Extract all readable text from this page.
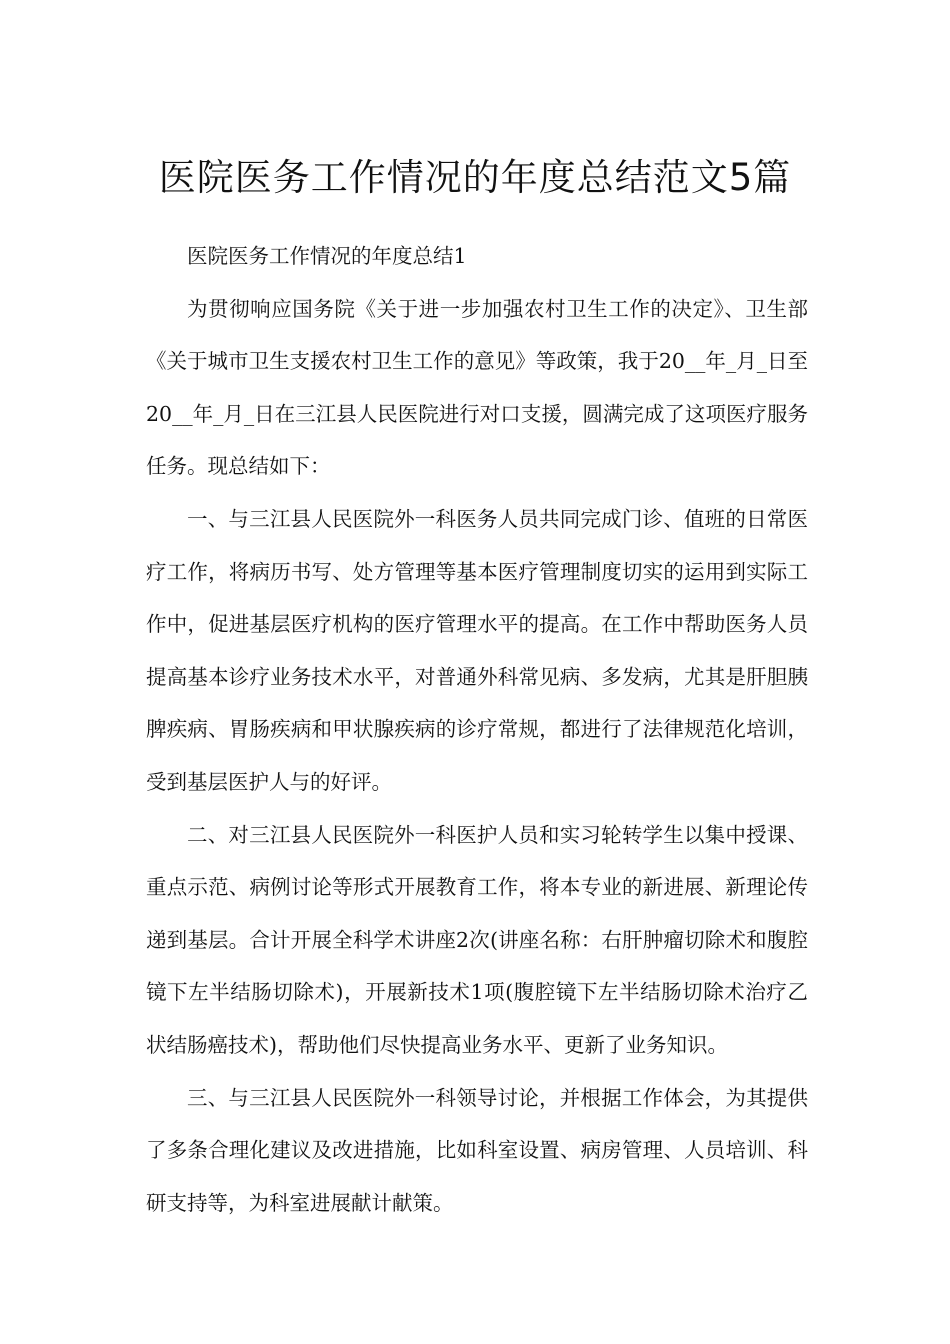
医院医务工作情况的年度总结范文5篇

医院医务工作情况的年度总结1

为贯彻响应国务院《关于进一步加强农村卫生工作的决定》、卫生部《关于城市卫生支援农村卫生工作的意见》等政策，我于20__年_月_日至20__年_月_日在三江县人民医院进行对口支援，圆满完成了这项医疗服务任务。现总结如下：

一、与三江县人民医院外一科医务人员共同完成门诊、值班的日常医疗工作，将病历书写、处方管理等基本医疗管理制度切实的运用到实际工作中，促进基层医疗机构的医疗管理水平的提高。在工作中帮助医务人员提高基本诊疗业务技术水平，对普通外科常见病、多发病，尤其是肝胆胰脾疾病、胃肠疾病和甲状腺疾病的诊疗常规，都进行了法律规范化培训，受到基层医护人与的好评。

二、对三江县人民医院外一科医护人员和实习轮转学生以集中授课、重点示范、病例讨论等形式开展教育工作，将本专业的新进展、新理论传递到基层。合计开展全科学术讲座2次(讲座名称：右肝肿瘤切除术和腹腔镜下左半结肠切除术)，开展新技术1项(腹腔镜下左半结肠切除术治疗乙状结肠癌技术)，帮助他们尽快提高业务水平、更新了业务知识。

三、与三江县人民医院外一科领导讨论，并根据工作体会，为其提供了多条合理化建议及改进措施，比如科室设置、病房管理、人员培训、科研支持等，为科室进展献计献策。
